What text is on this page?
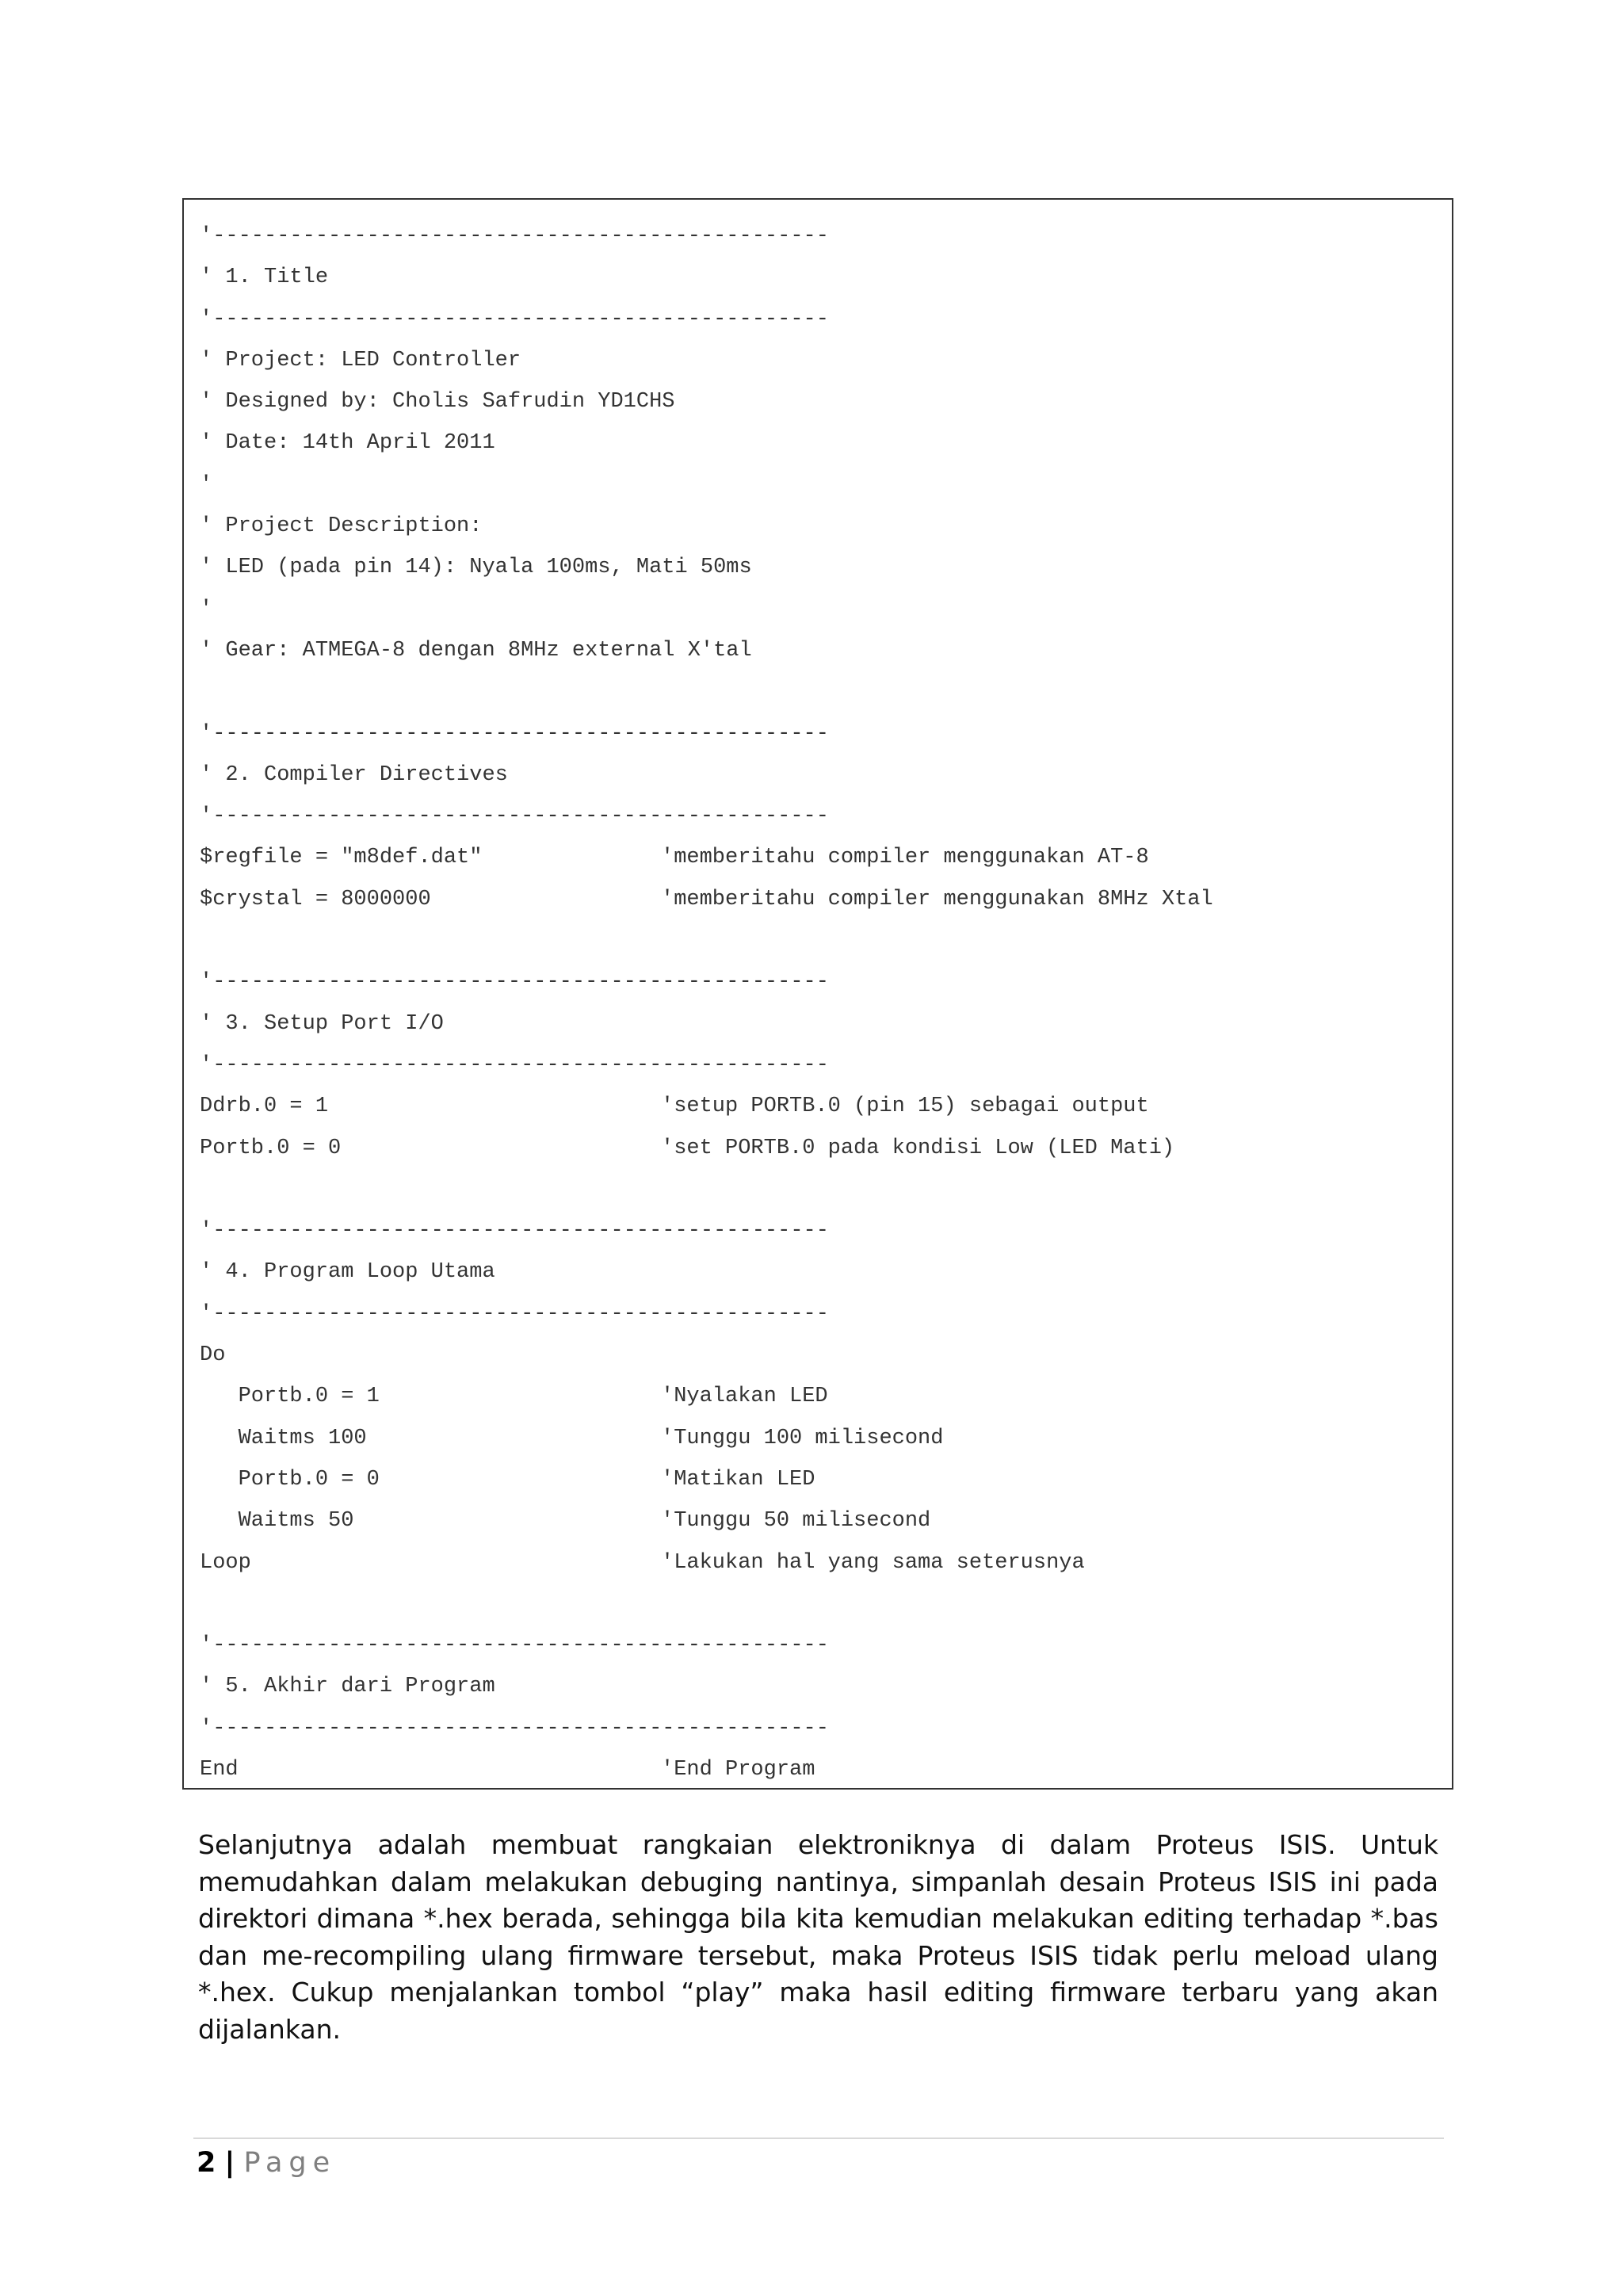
'------------------------------------------------
' 1. Title
'------------------------------------------------
' Project: LED Controller
' Designed by: Cholis Safrudin YD1CHS
' Date: 14th April 2011
'
' Project Description:
' LED (pada pin 14): Nyala 100ms, Mati 50ms
'
' Gear: ATMEGA-8 dengan 8MHz external X'tal
'------------------------------------------------
' 2. Compiler Directives
'------------------------------------------------
$regfile = "m8def.dat"	'memberitahu compiler menggunakan AT-8
$crystal = 8000000	'memberitahu compiler menggunakan 8MHz Xtal
'------------------------------------------------
' 3. Setup Port I/O
'------------------------------------------------
Ddrb.0 = 1	'setup PORTB.0 (pin 15) sebagai output
Portb.0 = 0	'set PORTB.0 pada kondisi Low (LED Mati)
'------------------------------------------------
' 4. Program Loop Utama
'------------------------------------------------
Do
Portb.0 = 1	'Nyalakan LED
Waitms 100	'Tunggu 100 milisecond
Portb.0 = 0	'Matikan LED
Waitms 50	'Tunggu 50 milisecond
Loop	'Lakukan hal yang sama seterusnya
'------------------------------------------------
' 5. Akhir dari Program
'------------------------------------------------
End	'End Program
Selanjutnya adalah membuat rangkaian elektroniknya di dalam Proteus ISIS. Untuk memudahkan dalam melakukan debuging nantinya, simpanlah desain Proteus ISIS ini pada direktori dimana *.hex berada, sehingga bila kita kemudian melakukan editing terhadap *.bas dan me-recompiling ulang firmware tersebut, maka Proteus ISIS tidak perlu meload ulang *.hex. Cukup menjalankan tombol “play” maka hasil editing firmware terbaru yang akan dijalankan.
2 | Page
